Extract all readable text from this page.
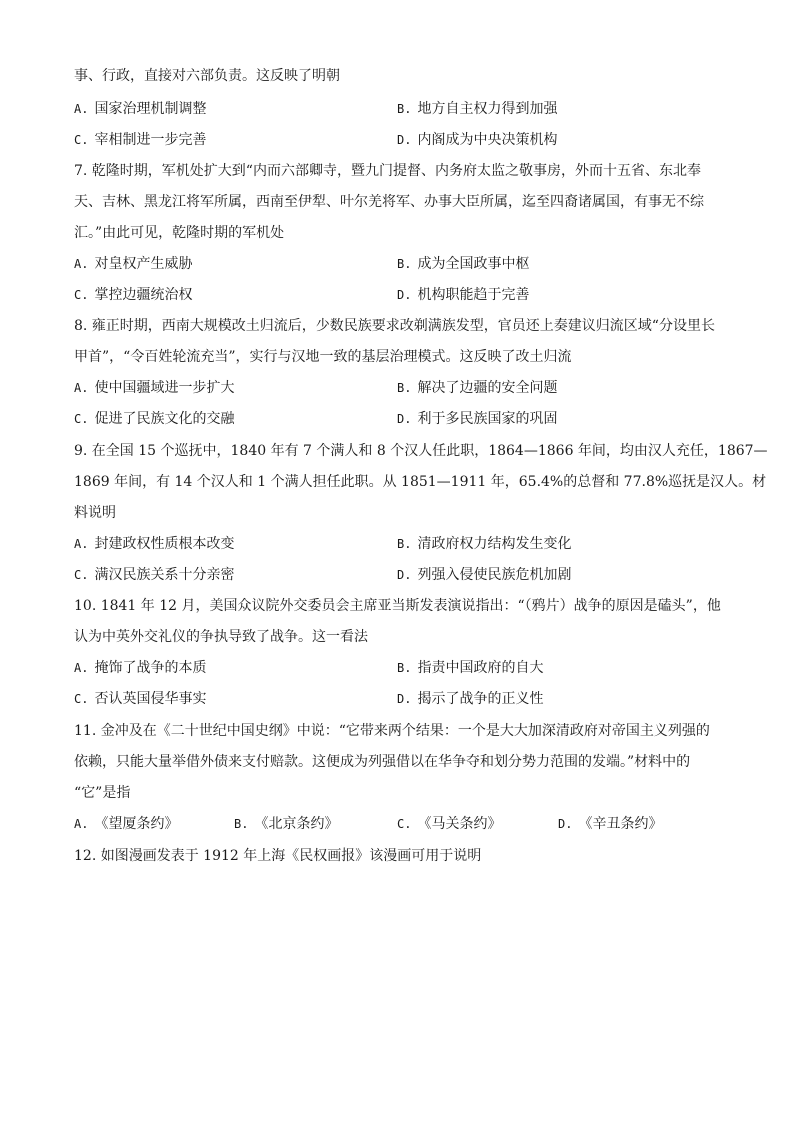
事、行政，直接对六部负责。这反映了明朝
A. 国家治理机制调整	B. 地方自主权力得到加强
C. 宰相制进一步完善	D. 内阁成为中央决策机构
7. 乾隆时期，军机处扩大到“内而六部卿寺，暨九门提督、内务府太监之敬事房，外而十五省、东北奉
天、吉林、黑龙江将军所属，西南至伊犁、叶尔羌将军、办事大臣所属，迄至四裔诸属国，有事无不综
汇。”由此可见，乾隆时期的军机处
A. 对皇权产生威胁	B. 成为全国政事中枢
C. 掌控边疆统治权	D. 机构职能趋于完善
8. 雍正时期，西南大规模改土归流后，少数民族要求改剃满族发型，官员还上奏建议归流区域“分设里长
甲首”，“令百姓轮流充当”，实行与汉地一致的基层治理模式。这反映了改土归流
A. 使中国疆域进一步扩大	B. 解决了边疆的安全问题
C. 促进了民族文化的交融	D. 利于多民族国家的巩固
9. 在全国 15 个巡抚中，1840 年有 7 个满人和 8 个汉人任此职，1864—1866 年间，均由汉人充任，1867—
1869 年间，有 14 个汉人和 1 个满人担任此职。从 1851—1911 年，65.4%的总督和 77.8%巡抚是汉人。材
料说明
A. 封建政权性质根本改变	B. 清政府权力结构发生变化
C. 满汉民族关系十分亲密	D. 列强入侵使民族危机加剧
10. 1841 年 12 月，美国众议院外交委员会主席亚当斯发表演说指出：“（鸦片）战争的原因是磕头”，他
认为中英外交礼仪的争执导致了战争。这一看法
A. 掩饰了战争的本质	B. 指责中国政府的自大
C. 否认英国侵华事实	D. 揭示了战争的正义性
11. 金冲及在《二十世纪中国史纲》中说：“它带来两个结果：一个是大大加深清政府对帝国主义列强的
依赖，只能大量举借外债来支付赔款。这便成为列强借以在华争夺和划分势力范围的发端。”材料中的
“它”是指
A. 《望厦条约》	B. 《北京条约》	C. 《马关条约》	D. 《辛丑条约》
12. 如图漫画发表于 1912 年上海《民权画报》该漫画可用于说明
